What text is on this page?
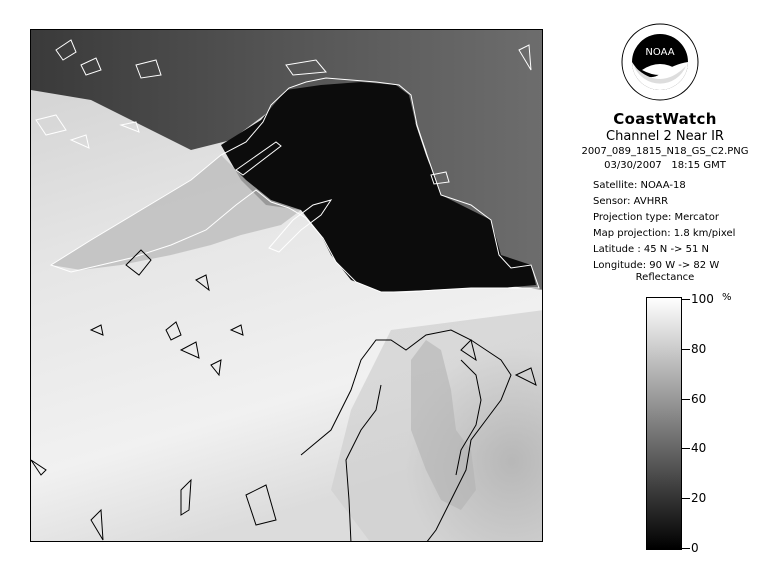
NOAA
CoastWatch
Channel 2 Near IR
2007_089_1815_N18_GS_C2.PNG
03/30/2007 18:15 GMT
Satellite: NOAA-18
Sensor: AVHRR
Projection type: Mercator
Map projection: 1.8 km/pixel
Latitude : 45 N -> 51 N
Longitude: 90 W -> 82 W
Reflectance
%
0
20
40
60
80
100
